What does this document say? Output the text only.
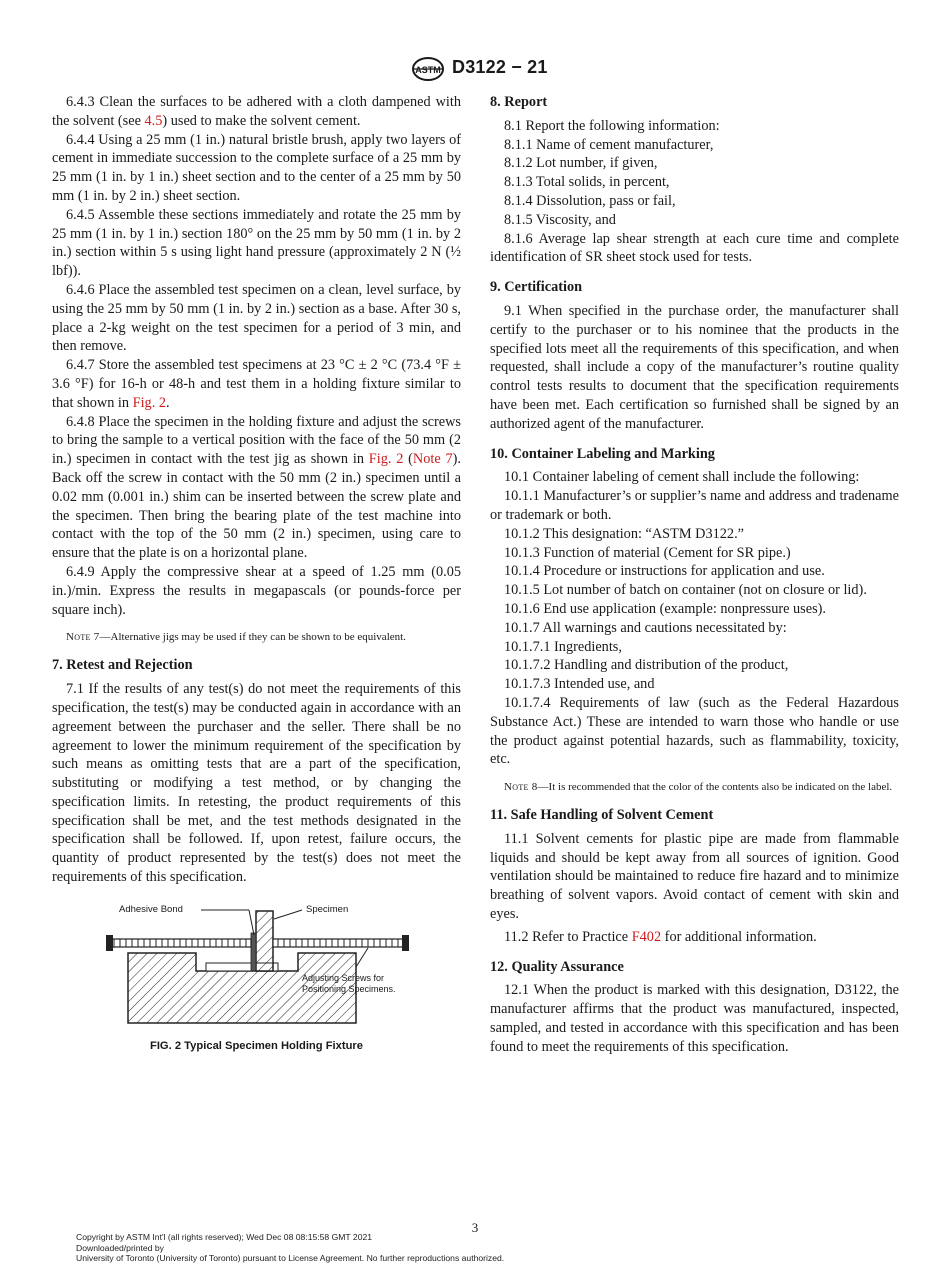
ASTM D3122 − 21

6.4.3 Clean the surfaces to be adhered with a cloth dampened with the solvent (see 4.5) used to make the solvent cement.

6.4.4 Using a 25 mm (1 in.) natural bristle brush, apply two layers of cement in immediate succession to the complete surface of a 25 mm by 25 mm (1 in. by 1 in.) sheet section and to the center of a 25 mm by 50 mm (1 in. by 2 in.) sheet section.

6.4.5 Assemble these sections immediately and rotate the 25 mm by 25 mm (1 in. by 1 in.) section 180° on the 25 mm by 50 mm (1 in. by 2 in.) section within 5 s using light hand pressure (approximately 2 N (½ lbf)).

6.4.6 Place the assembled test specimen on a clean, level surface, by using the 25 mm by 50 mm (1 in. by 2 in.) section as a base. After 30 s, place a 2-kg weight on the test specimen for a period of 3 min, and then remove.

6.4.7 Store the assembled test specimens at 23 °C ± 2 °C (73.4 °F ± 3.6 °F) for 16-h or 48-h and test them in a holding fixture similar to that shown in Fig. 2.

6.4.8 Place the specimen in the holding fixture and adjust the screws to bring the sample to a vertical position with the face of the 50 mm (2 in.) specimen in contact with the test jig as shown in Fig. 2 (Note 7). Back off the screw in contact with the 50 mm (2 in.) specimen until a 0.02 mm (0.001 in.) shim can be inserted between the screw plate and the specimen. Then bring the bearing plate of the test machine into contact with the top of the 50 mm (2 in.) specimen, using care to ensure that the plate is on a horizontal plane.

6.4.9 Apply the compressive shear at a speed of 1.25 mm (0.05 in.)/min. Express the results in megapascals (or pounds-force per square inch).

Note 7—Alternative jigs may be used if they can be shown to be equivalent.

7. Retest and Rejection

7.1 If the results of any test(s) do not meet the requirements of this specification, the test(s) may be conducted again in accordance with an agreement between the purchaser and the seller. There shall be no agreement to lower the minimum requirement of the specification by such means as omitting tests that are a part of the specification, substituting or modifying a test method, or by changing the specification limits. In retesting, the product requirements of this specification shall be met, and the test methods designated in the specification shall be followed. If, upon retest, failure occurs, the quantity of product represented by the test(s) does not meet the requirements of this specification.

Adhesive Bond	Specimen
Adjusting Screws for
Positioning Specimens.
FIG. 2 Typical Specimen Holding Fixture
8. Report

8.1 Report the following information:

8.1.1 Name of cement manufacturer,

8.1.2 Lot number, if given,

8.1.3 Total solids, in percent,

8.1.4 Dissolution, pass or fail,

8.1.5 Viscosity, and

8.1.6 Average lap shear strength at each cure time and complete identification of SR sheet stock used for tests.

9. Certification

9.1 When specified in the purchase order, the manufacturer shall certify to the purchaser or to his nominee that the products in the specified lots meet all the requirements of this specification, and when requested, shall include a copy of the manufacturer’s routine quality control tests results to document that the specification requirements have been met. Each certification so furnished shall be signed by an authorized agent of the manufacturer.

10. Container Labeling and Marking

10.1 Container labeling of cement shall include the following:

10.1.1 Manufacturer’s or supplier’s name and address and tradename or trademark or both.

10.1.2 This designation: “ASTM D3122.”

10.1.3 Function of material (Cement for SR pipe.)

10.1.4 Procedure or instructions for application and use.

10.1.5 Lot number of batch on container (not on closure or lid).

10.1.6 End use application (example: nonpressure uses).

10.1.7 All warnings and cautions necessitated by:

10.1.7.1 Ingredients,

10.1.7.2 Handling and distribution of the product,

10.1.7.3 Intended use, and

10.1.7.4 Requirements of law (such as the Federal Hazardous Substance Act.) These are intended to warn those who handle or use the product against potential hazards, such as flammability, toxicity, etc.

Note 8—It is recommended that the color of the contents also be indicated on the label.

11. Safe Handling of Solvent Cement

11.1 Solvent cements for plastic pipe are made from flammable liquids and should be kept away from all sources of ignition. Good ventilation should be maintained to reduce fire hazard and to minimize breathing of solvent vapors. Avoid contact of cement with skin and eyes.

11.2 Refer to Practice F402 for additional information.

12. Quality Assurance

12.1 When the product is marked with this designation, D3122, the manufacturer affirms that the product was manufactured, inspected, sampled, and tested in accordance with this specification and has been found to meet the requirements of this specification.

3
Copyright by ASTM Int'l (all rights reserved); Wed Dec 08 08:15:58 GMT 2021
Downloaded/printed by
University of Toronto (University of Toronto) pursuant to License Agreement. No further reproductions authorized.
